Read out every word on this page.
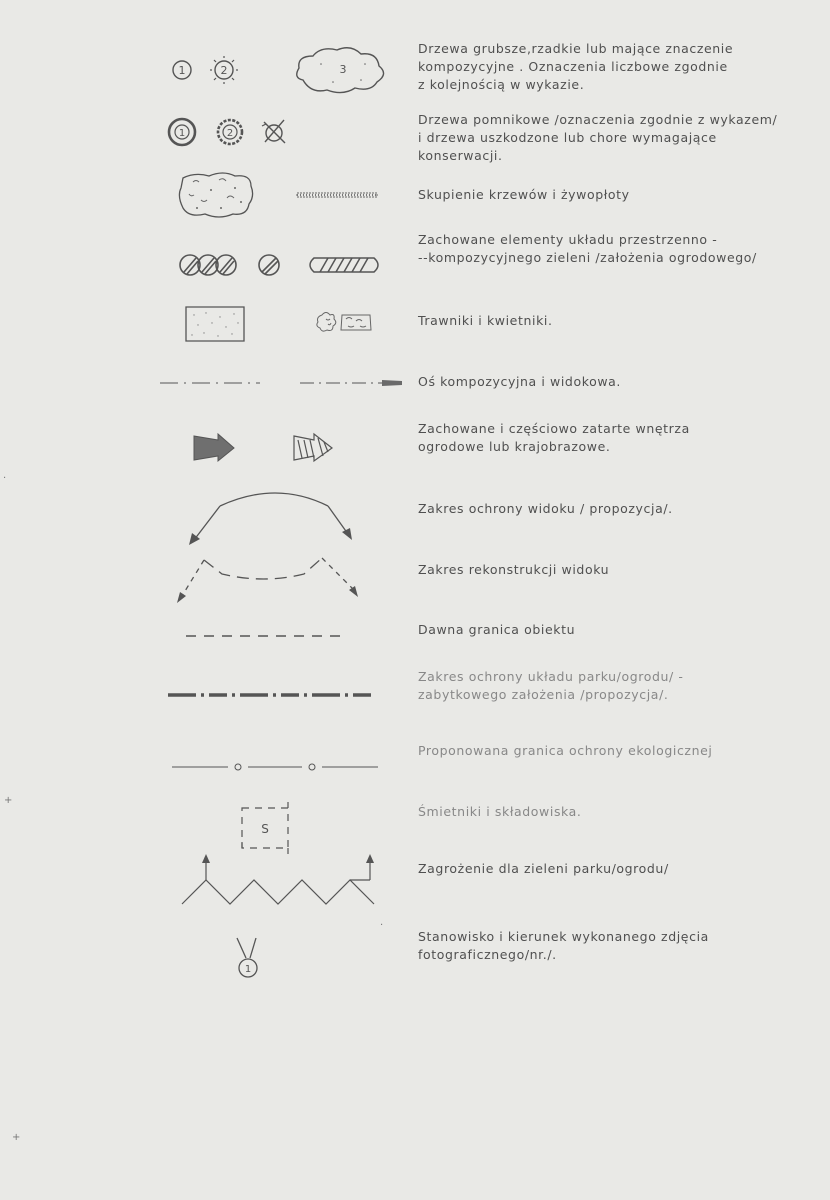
·
+
+
·
1	2	3
Drzewa grubsze,rzadkie lub mające znaczenie
kompozycyjne . Oznaczenia liczbowe zgodnie
z kolejnością w wykazie.
1	2
Drzewa pomnikowe /oznaczenia zgodnie z wykazem/
i drzewa uszkodzone lub chore wymagające
konserwacji.
Skupienie krzewów i żywopłoty
Zachowane elementy układu przestrzenno -
--kompozycyjnego zieleni /założenia ogrodowego/
Trawniki i kwietniki.
Oś kompozycyjna i widokowa.
Zachowane i częściowo zatarte wnętrza
ogrodowe lub krajobrazowe.
Zakres ochrony widoku / propozycja/.
Zakres rekonstrukcji widoku
Dawna granica obiektu
Zakres ochrony układu parku/ogrodu/ -
zabytkowego założenia /propozycja/.
Proponowana granica ochrony ekologicznej
S
Śmietniki i składowiska.
Zagrożenie dla zieleni parku/ogrodu/
1
Stanowisko i kierunek wykonanego zdjęcia
fotograficznego/nr./.
